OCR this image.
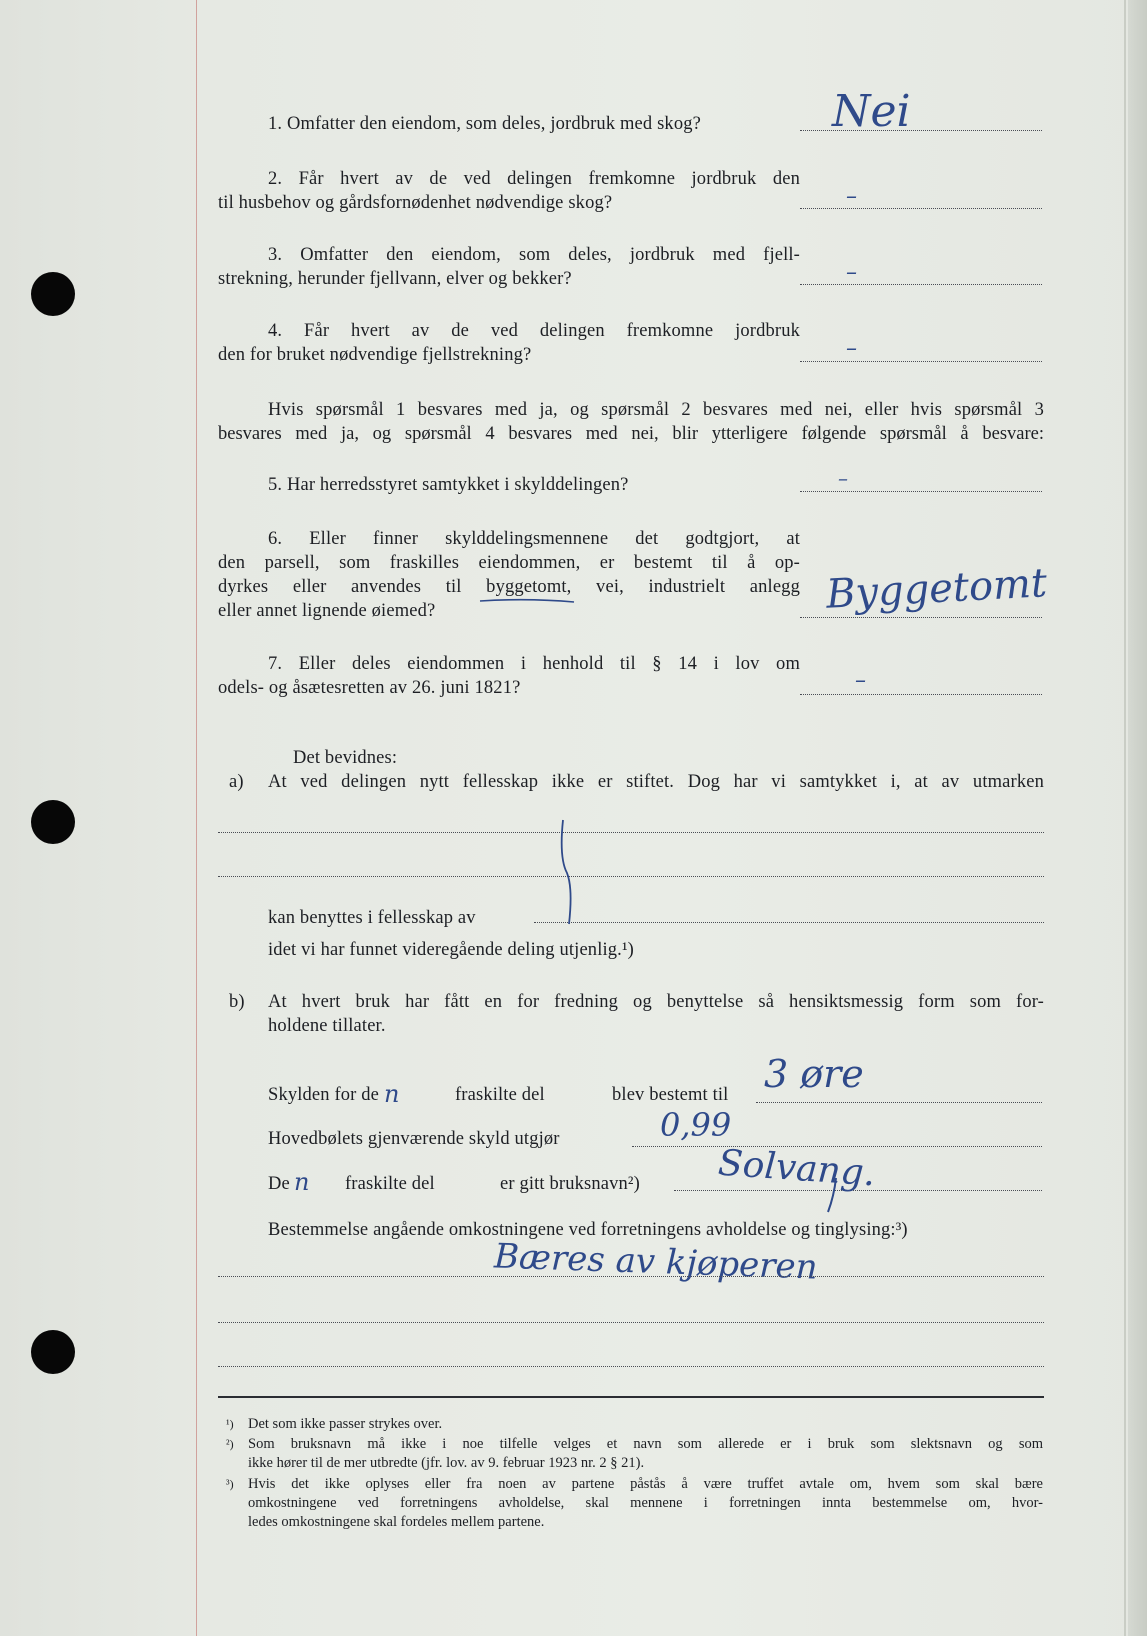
1. Omfatter den eiendom, som deles, jordbruk med skog?	Nei
2. Får hvert av de ved delingen fremkomne jordbruk den
til husbehov og gårdsfornødenhet nødvendige skog?	–
3. Omfatter den eiendom, som deles, jordbruk med fjell-
strekning, herunder fjellvann, elver og bekker?	–
4. Får hvert av de ved delingen fremkomne jordbruk
den for bruket nødvendige fjellstrekning?	–
Hvis spørsmål 1 besvares med ja, og spørsmål 2 besvares med nei, eller hvis spørsmål 3
besvares med ja, og spørsmål 4 besvares med nei, blir ytterligere følgende spørsmål å besvare:
5. Har herredsstyret samtykket i skylddelingen?	–
6. Eller finner skylddelingsmennene det godtgjort, at
den parsell, som fraskilles eiendommen, er bestemt til å op-
dyrkes eller anvendes til byggetomt, vei, industrielt anlegg
eller annet lignende øiemed?	Byggetomt
7. Eller deles eiendommen i henhold til § 14 i lov om
odels- og åsætesretten av 26. juni 1821?	–
Det bevidnes:
a) At ved delingen nytt fellesskap ikke er stiftet. Dog har vi samtykket i, at av utmarken
kan benyttes i fellesskap av
idet vi har funnet videregående deling utjenlig.¹)
b) At hvert bruk har fått en for fredning og benyttelse så hensiktsmessig form som for-
holdene tillater.
Skylden for de n	fraskilte del	blev bestemt til 3 øre
Hovedbølets gjenværende skyld utgjør	0,99
De n fraskilte del	er gitt bruksnavn²) Solvang.
Bestemmelse angående omkostningene ved forretningens avholdelse og tinglysing:³)
Bæres av kjøperen
¹) Det som ikke passer strykes over.
²) Som bruksnavn må ikke i noe tilfelle velges et navn som allerede er i bruk som slektsnavn og som
ikke hører til de mer utbredte (jfr. lov. av 9. februar 1923 nr. 2 § 21).
³) Hvis det ikke oplyses eller fra noen av partene påstås å være truffet avtale om, hvem som skal bære
omkostningene ved forretningens avholdelse, skal mennene i forretningen innta bestemmelse om, hvor-
ledes omkostningene skal fordeles mellem partene.
